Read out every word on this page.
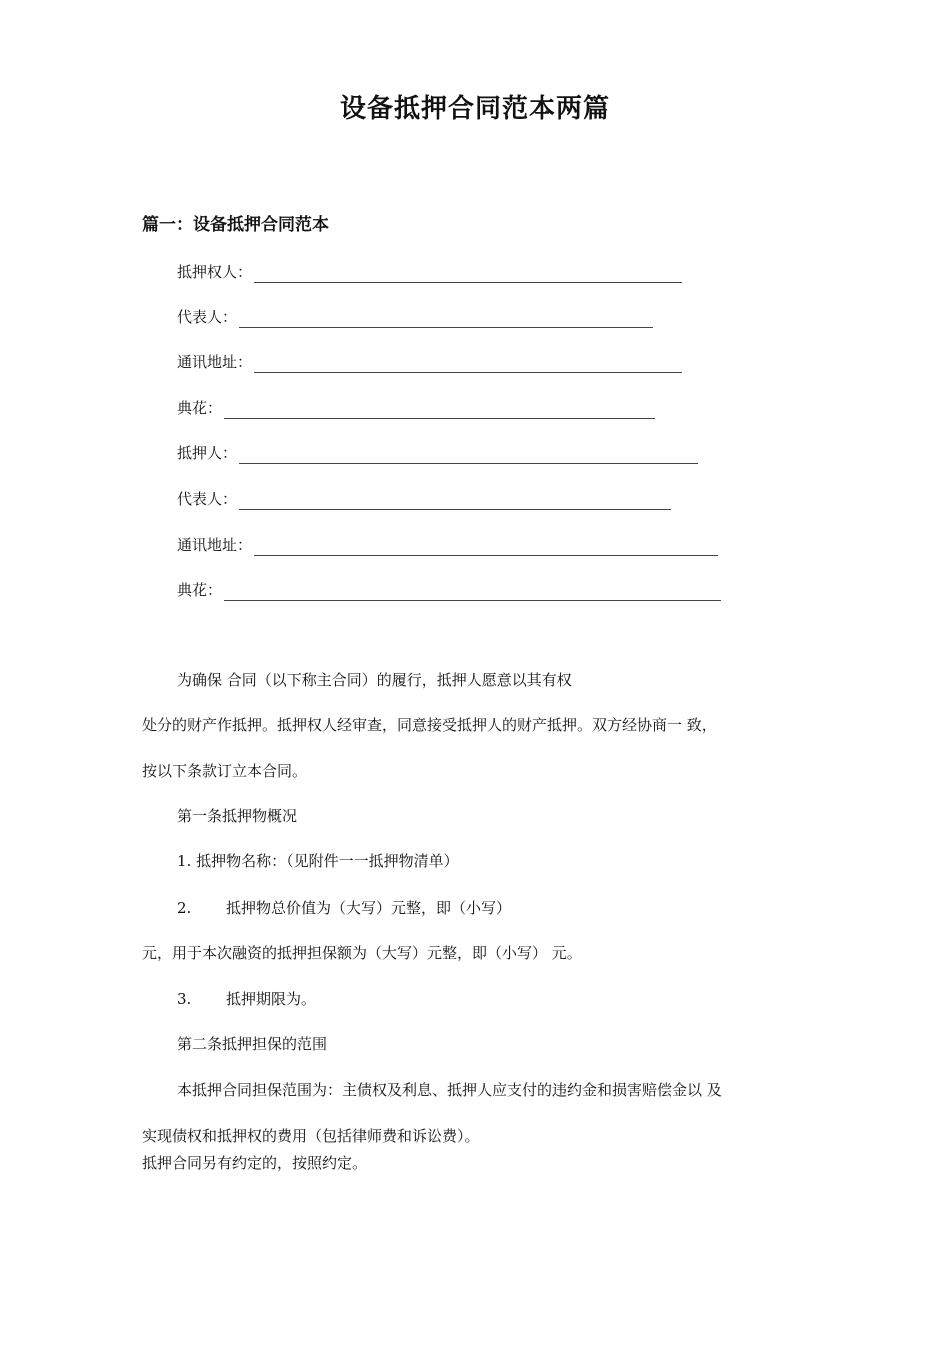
设备抵押合同范本两篇
篇一：设备抵押合同范本
抵押权人：
代表人：
通讯地址：
典花：
抵押人：
代表人：
通讯地址：
典花：
为确保 合同（以下称主合同）的履行，抵押人愿意以其有权
处分的财产作抵押。抵押权人经审查，同意接受抵押人的财产抵押。双方经协商一 致，
按以下条款订立本合同。
第一条抵押物概况
1. 抵押物名称：（见附件一一抵押物清单）
2. 抵押物总价值为（大写）元整，即（小写）
元，用于本次融资的抵押担保额为（大写）元整，即（小写） 元。
3. 抵押期限为。
第二条抵押担保的范围
本抵押合同担保范围为：主债权及利息、抵押人应支付的违约金和损害赔偿金以 及
实现债权和抵押权的费用（包括律师费和诉讼费）。
抵押合同另有约定的，按照约定。
